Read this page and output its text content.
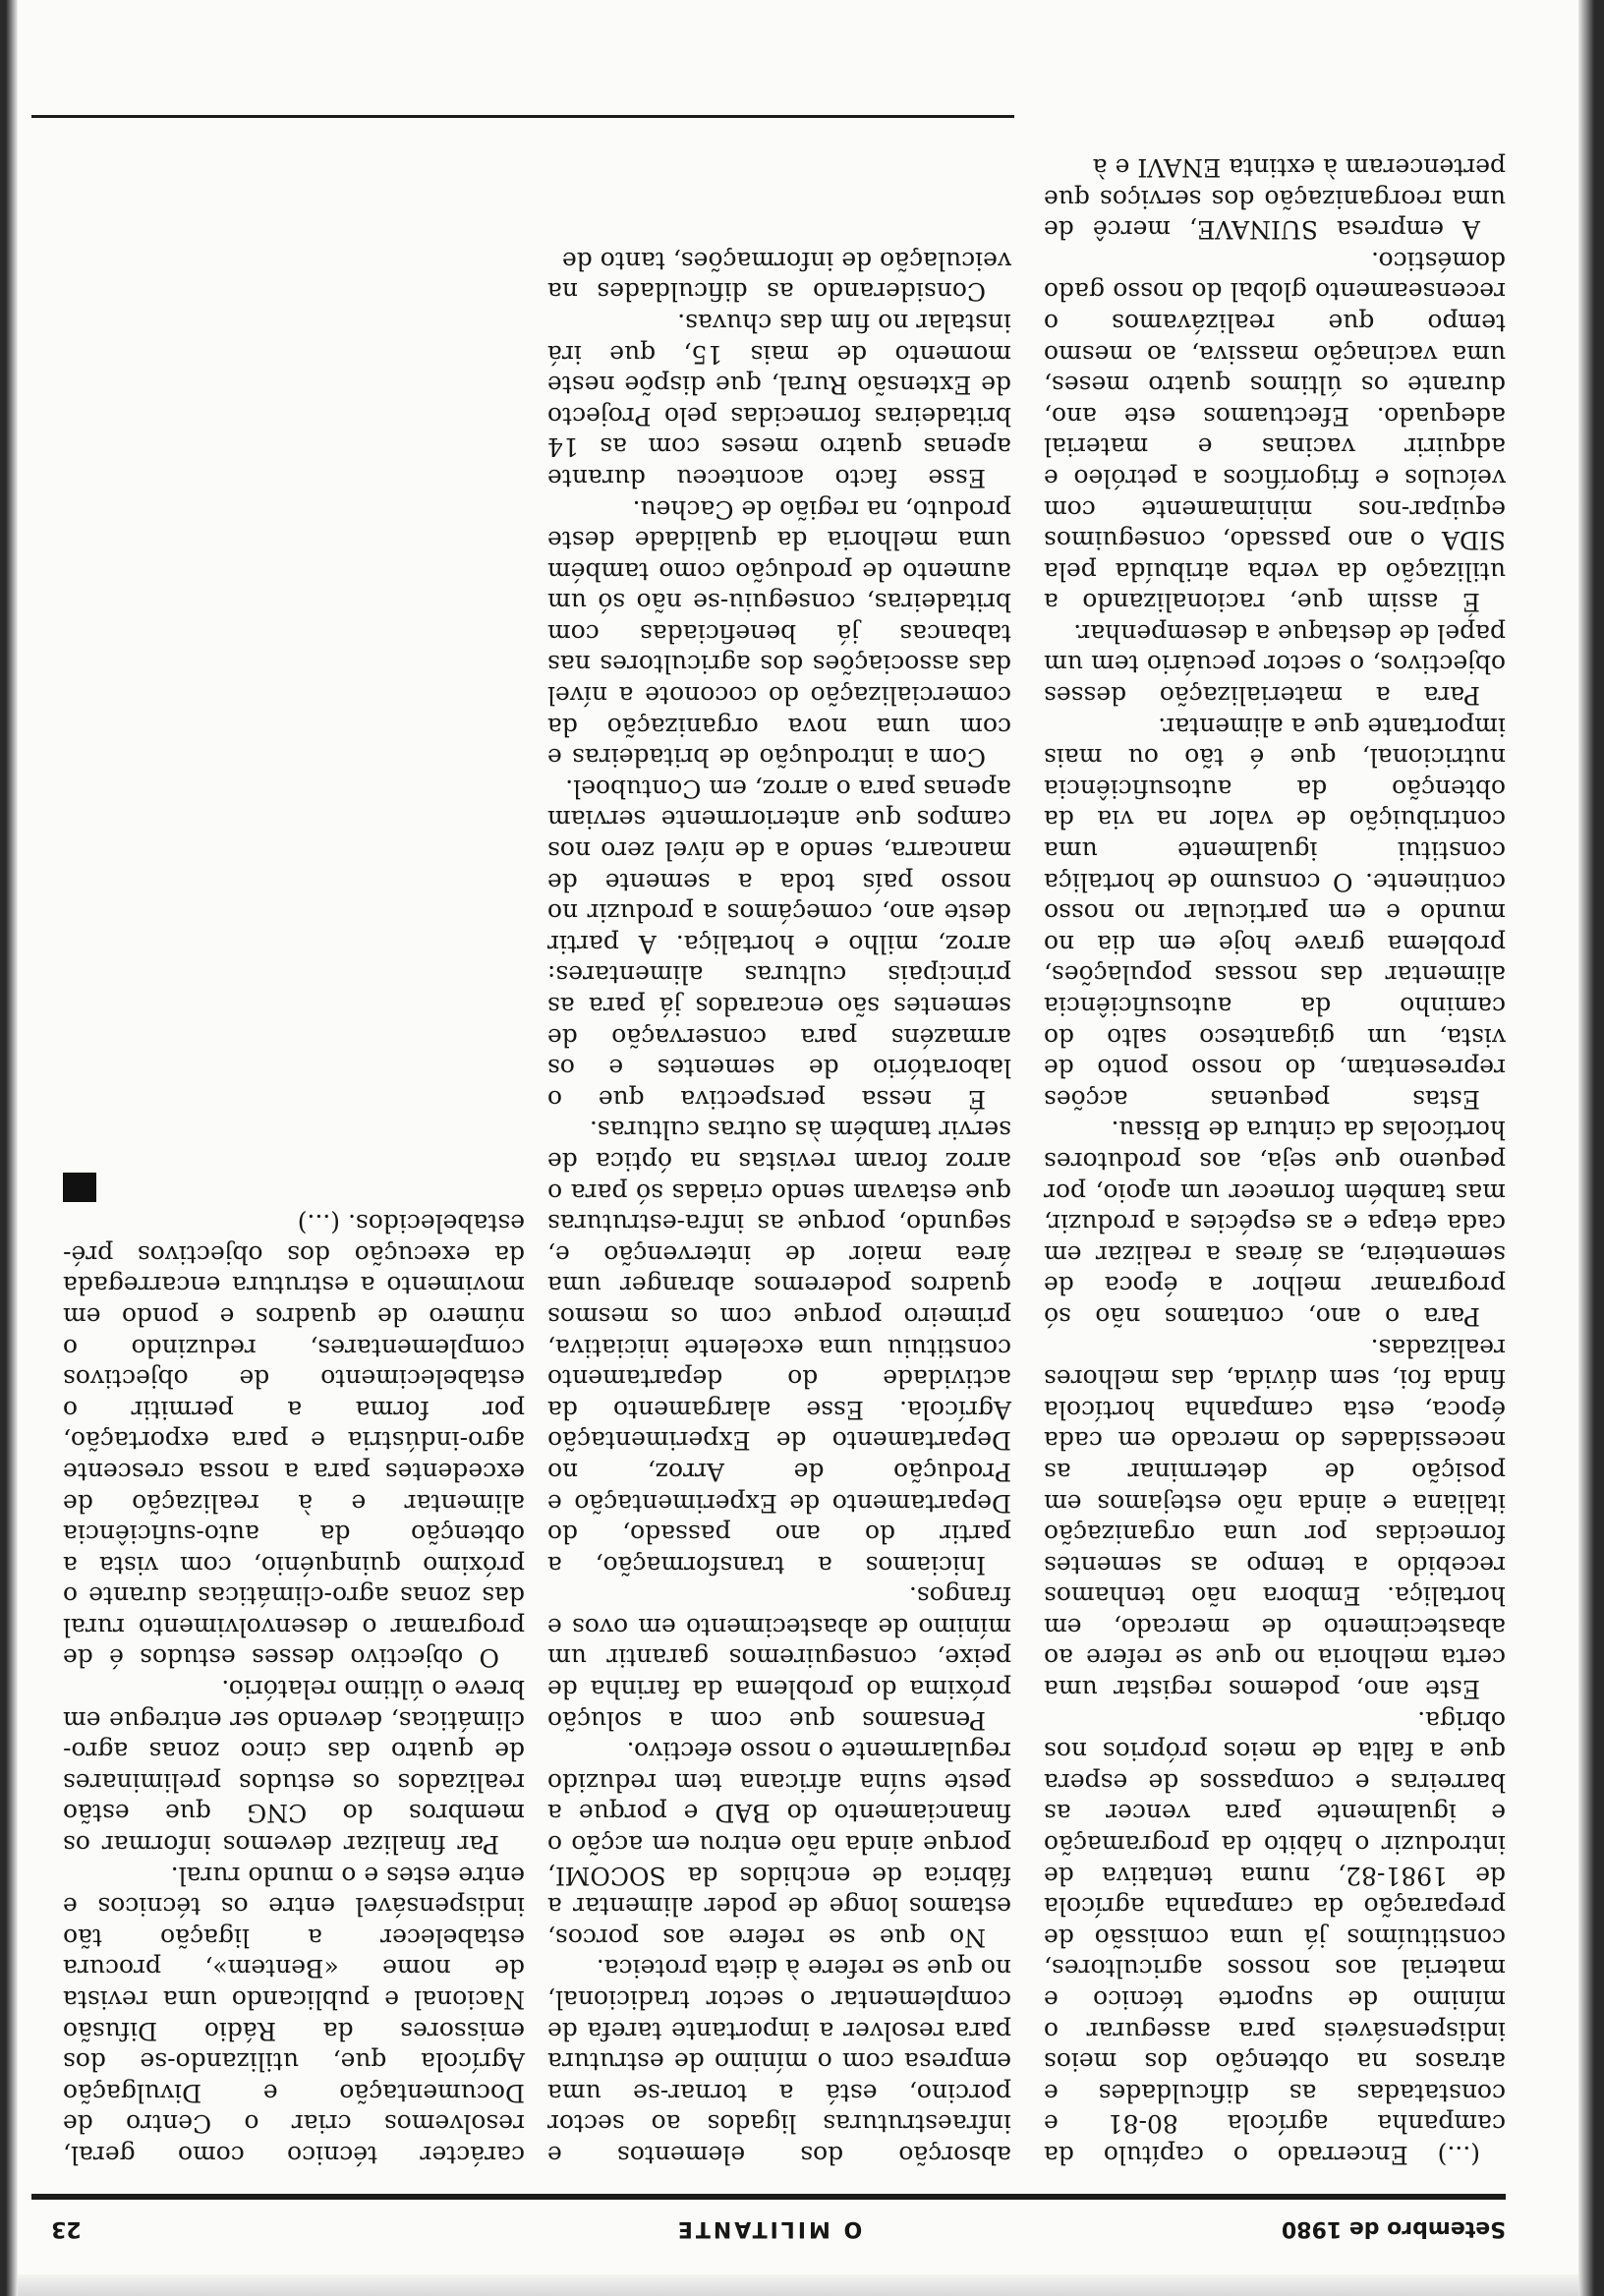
Setembro de 1980
O MILITANTE
23

(...) Encerrado o capítulo da campanha agrícola 80-81 e constatadas as dificuldades e atrasos na obtenção dos meios indispensáveis para assegurar o mínimo de suporte técnico e material aos nossos agricultores, constituímos já uma comissão de preparação da campanha agrícola de 1981-82, numa tentativa de introduzir o hábito da programação e igualmente para vencer as barreiras e compassos de espera que a falta de meios próprios nos obriga.

Este ano, podemos registar uma certa melhoria no que se refere ao abastecimento de mercado, em hortaliça. Embora não tenhamos recebido a tempo as sementes fornecidas por uma organização italiana e ainda não estejamos em posição de determinar as necessidades do mercado em cada época, esta campanha hortícola finda foi, sem dúvida, das melhores realizadas.

Para o ano, contamos não só programar melhor a época de sementeira, as áreas a realizar em cada etapa e as espécies a produzir, mas também fornecer um apoio, por pequeno que seja, aos produtores hortícolas da cintura de Bissau.

Estas pequenas acções representam, do nosso ponto de vista, um gigantesco salto do caminho da autosuficiência alimentar das nossas populações, problema grave hoje em dia no mundo e em particular no nosso continente. O consumo de hortaliça constitui igualmente uma contribuição de valor na via da obtenção da autosuficiência nutricional, que é tão ou mais importante que a alimentar.

Para a materialização desses objectivos, o sector pecuário tem um papel de destaque a desempenhar.

É assim que, racionalizando a utilização da verba atribuída pela SIDA o ano passado, conseguimos equipar-nos minimamente com veículos e frigoríficos a petróleo e adquirir vacinas e material adequado. Efectuamos este ano, durante os últimos quatro meses, uma vacinação massiva, ao mesmo tempo que realizávamos o recenseamento global do nosso gado doméstico.

A empresa SUINAVE, mercê de uma reorganização dos serviços que pertenceram à extinta ENAVI e à

absorção dos elementos e infraestruturas ligados ao sector porcino, está a tornar-se uma empresa com o mínimo de estrutura para resolver a importante tarefa de complementar o sector tradicional, no que se refere à dieta proteica.

No que se refere aos porcos, estamos longe de poder alimentar a fábrica de enchidos da SOCOMI, porque ainda não entrou em acção o financiamento do BAD e porque a peste suína africana tem reduzido regularmente o nosso efectivo.

Pensamos que com a solução próxima do problema da farinha de peixe, conseguiremos garantir um mínimo de abastecimento em ovos e frangos.

Iniciamos a transformação, a partir do ano passado, do Departamento de Experimentação e Produção de Arroz, no Departamento de Experimentação Agrícola. Esse alargamento da actividade do departamento constituiu uma excelente iniciativa, primeiro porque com os mesmos quadros poderemos abranger uma área maior de intervenção e, segundo, porque as infra-estruturas que estavam sendo criadas só para o arroz foram revistas na óptica de servir também às outras culturas.

É nessa perspectiva que o laboratório de sementes e os armazéns para conservação de sementes são encarados já para as principais culturas alimentares: arroz, milho e hortaliça. A partir deste ano, começámos a produzir no nosso país toda a semente de mancarra, sendo a de nível zero nos campos que anteriormente serviam apenas para o arroz, em Contuboel.

Com a introdução de britadeiras e com uma nova organização da comercialização do coconote a nível das associações dos agricultores nas tabancas já beneficiadas com britadeiras, conseguiu-se não só um aumento de produção como também uma melhoria da qualidade deste produto, na região de Cacheu.

Esse facto aconteceu durante apenas quatro meses com as 14 britadeiras fornecidas pelo Projecto de Extensão Rural, que dispõe neste momento de mais 15, que irá instalar no fim das chuvas.

Considerando as dificuldades na veiculação de informações, tanto de

carácter técnico como geral, resolvemos criar o Centro de Documentação e Divulgação Agrícola que, utilizando-se dos emissores da Rádio Difusão Nacional e publicando uma revista de nome «Bentem», procura estabelecer a ligação tão indispensável entre os técnicos e entre estes e o mundo rural.

Par finalizar devemos informar os membros do CNG que estão realizados os estudos preliminares de quatro das cinco zonas agro-climáticas, devendo ser entregue em breve o último relatório.

O objectivo desses estudos é de programar o desenvolvimento rural das zonas agro-climáticas durante o próximo quinquénio, com vista a obtenção da auto-suficiência alimentar e à realização de excedentes para a nossa crescente agro-indústria e para exportação, por forma a permitir o estabelecimento de objectivos complementares, reduzindo o número de quadros e pondo em movimento a estrutura encarregada da execução dos objectivos pré-estabelecidos. (...)
